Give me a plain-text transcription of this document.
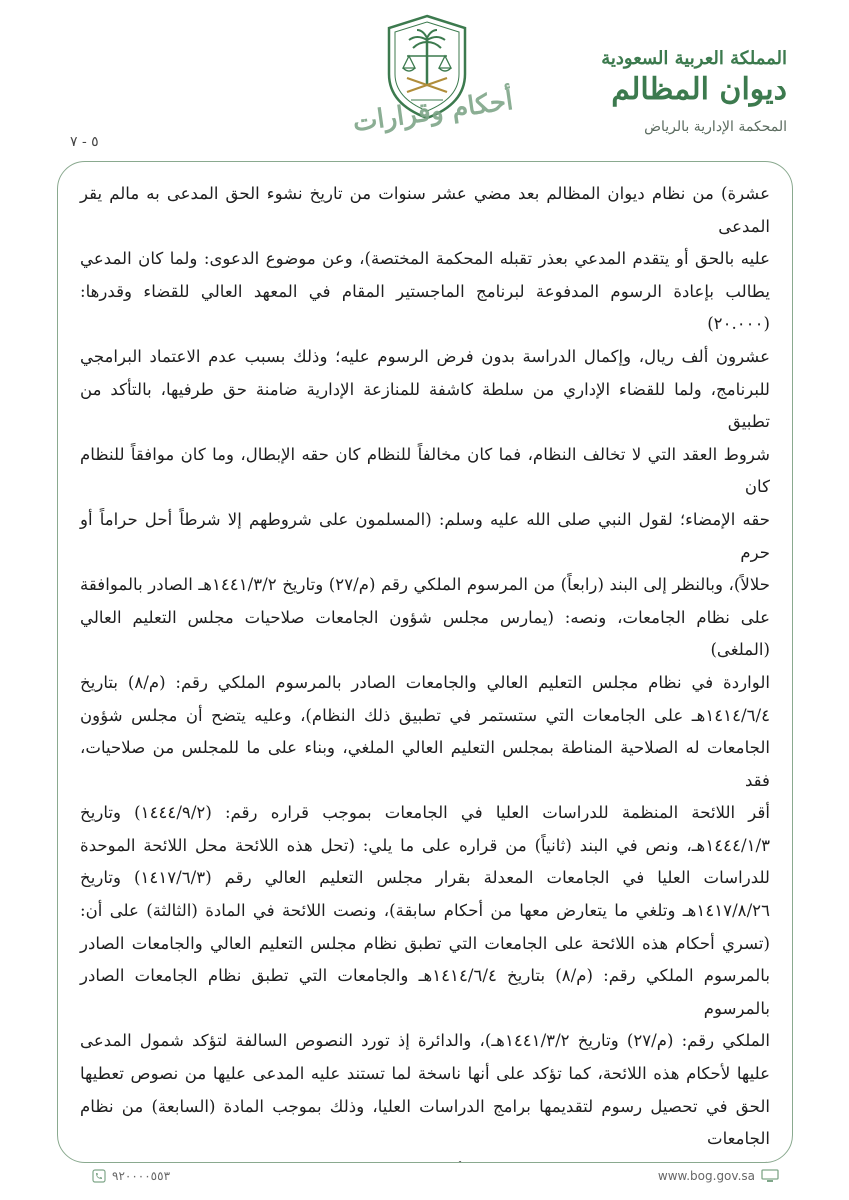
المملكة العربية السعودية
ديوان المظالم
المحكمة الإدارية بالرياض
أحكام وقرارات
٥ - ٧

عشرة) من نظام ديوان المظالم بعد مضي عشر سنوات من تاريخ نشوء الحق المدعى به مالم يقر المدعى

عليه بالحق أو يتقدم المدعي بعذر تقبله المحكمة المختصة)، وعن موضوع الدعوى: ولما كان المدعي

يطالب بإعادة الرسوم المدفوعة لبرنامج الماجستير المقام في المعهد العالي للقضاء وقدرها: (٢٠.٠٠٠)

عشرون ألف ريال، وإكمال الدراسة بدون فرض الرسوم عليه؛ وذلك بسبب عدم الاعتماد البرامجي

للبرنامج، ولما للقضاء الإداري من سلطة كاشفة للمنازعة الإدارية ضامنة حق طرفيها، بالتأكد من تطبيق

شروط العقد التي لا تخالف النظام، فما كان مخالفاً للنظام كان حقه الإبطال، وما كان موافقاً للنظام كان

حقه الإمضاء؛ لقول النبي صلى الله عليه وسلم: (المسلمون على شروطهم إلا شرطاً أحل حراماً أو حرم

حلالاً)، وبالنظر إلى البند (رابعاً) من المرسوم الملكي رقم (م/٢٧) وتاريخ ١٤٤١/٣/٢هـ الصادر بالموافقة

على نظام الجامعات، ونصه: (يمارس مجلس شؤون الجامعات صلاحيات مجلس التعليم العالي (الملغى)

الواردة في نظام مجلس التعليم العالي والجامعات الصادر بالمرسوم الملكي رقم: (م/٨) بتاريخ

١٤١٤/٦/٤هـ على الجامعات التي ستستمر في تطبيق ذلك النظام)، وعليه يتضح أن مجلس شؤون

الجامعات له الصلاحية المناطة بمجلس التعليم العالي الملغي، وبناء على ما للمجلس من صلاحيات، فقد

أقر اللائحة المنظمة للدراسات العليا في الجامعات بموجب قراره رقم: (١٤٤٤/٩/٢) وتاريخ

١٤٤٤/١/٣هـ، ونص في البند (ثانياً) من قراره على ما يلي: (تحل هذه اللائحة محل اللائحة الموحدة

للدراسات العليا في الجامعات المعدلة بقرار مجلس التعليم العالي رقم (١٤١٧/٦/٣) وتاريخ

١٤١٧/٨/٢٦هـ وتلغي ما يتعارض معها من أحكام سابقة)، ونصت اللائحة في المادة (الثالثة) على أن:

(تسري أحكام هذه اللائحة على الجامعات التي تطبق نظام مجلس التعليم العالي والجامعات الصادر

بالمرسوم الملكي رقم: (م/٨) بتاريخ ١٤١٤/٦/٤هـ والجامعات التي تطبق نظام الجامعات الصادر بالمرسوم

الملكي رقم: (م/٢٧) وتاريخ ١٤٤١/٣/٢هـ)، والدائرة إذ تورد النصوص السالفة لتؤكد شمول المدعى

عليها لأحكام هذه اللائحة، كما تؤكد على أنها ناسخة لما تستند عليه المدعى عليها من نصوص تعطيها

الحق في تحصيل رسوم لتقديمها برامج الدراسات العليا، وذلك بموجب المادة (السابعة) من نظام الجامعات

٩٢٠٠٠٠٥٥٣	www.bog.gov.sa
